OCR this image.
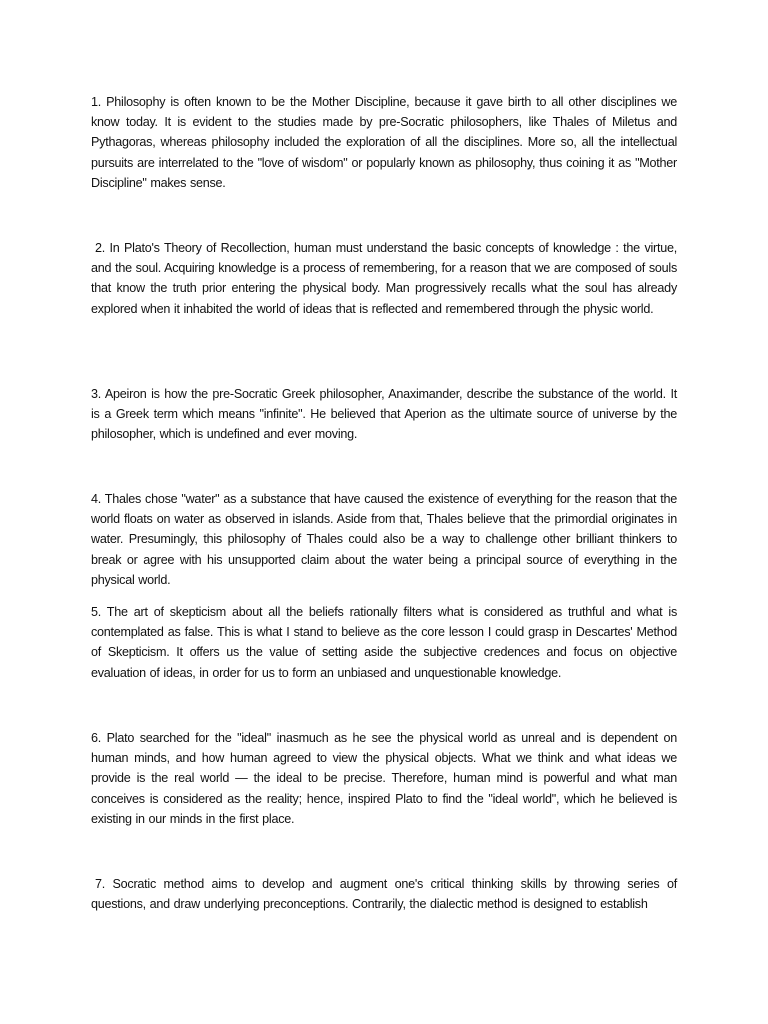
1. Philosophy is often known to be the Mother Discipline, because it gave birth to all other disciplines we know today. It is evident to the studies made by pre-Socratic philosophers, like Thales of Miletus and Pythagoras, whereas philosophy included the exploration of all the disciplines. More so, all the intellectual pursuits are interrelated to the "love of wisdom" or popularly known as philosophy, thus coining it as "Mother Discipline" makes sense.

2. In Plato's Theory of Recollection, human must understand the basic concepts of knowledge : the virtue, and the soul. Acquiring knowledge is a process of remembering, for a reason that we are composed of souls that know the truth prior entering the physical body. Man progressively recalls what the soul has already explored when it inhabited the world of ideas that is reflected and remembered through the physic world.

3. Apeiron is how the pre-Socratic Greek philosopher, Anaximander, describe the substance of the world. It is a Greek term which means "infinite". He believed that Aperion as the ultimate source of universe by the philosopher, which is undefined and ever moving.

4. Thales chose "water" as a substance that have caused the existence of everything for the reason that the world floats on water as observed in islands. Aside from that, Thales believe that the primordial originates in water. Presumingly, this philosophy of Thales could also be a way to challenge other brilliant thinkers to break or agree with his unsupported claim about the water being a principal source of everything in the physical world.

5. The art of skepticism about all the beliefs rationally filters what is considered as truthful and what is contemplated as false. This is what I stand to believe as the core lesson I could grasp in Descartes' Method of Skepticism. It offers us the value of setting aside the subjective credences and focus on objective evaluation of ideas, in order for us to form an unbiased and unquestionable knowledge.

6. Plato searched for the "ideal" inasmuch as he see the physical world as unreal and is dependent on human minds, and how human agreed to view the physical objects. What we think and what ideas we provide is the real world — the ideal to be precise. Therefore, human mind is powerful and what man conceives is considered as the reality; hence, inspired Plato to find the "ideal world", which he believed is existing in our minds in the first place.

7. Socratic method aims to develop and augment one's critical thinking skills by throwing series of questions, and draw underlying preconceptions. Contrarily, the dialectic method is designed to establish
